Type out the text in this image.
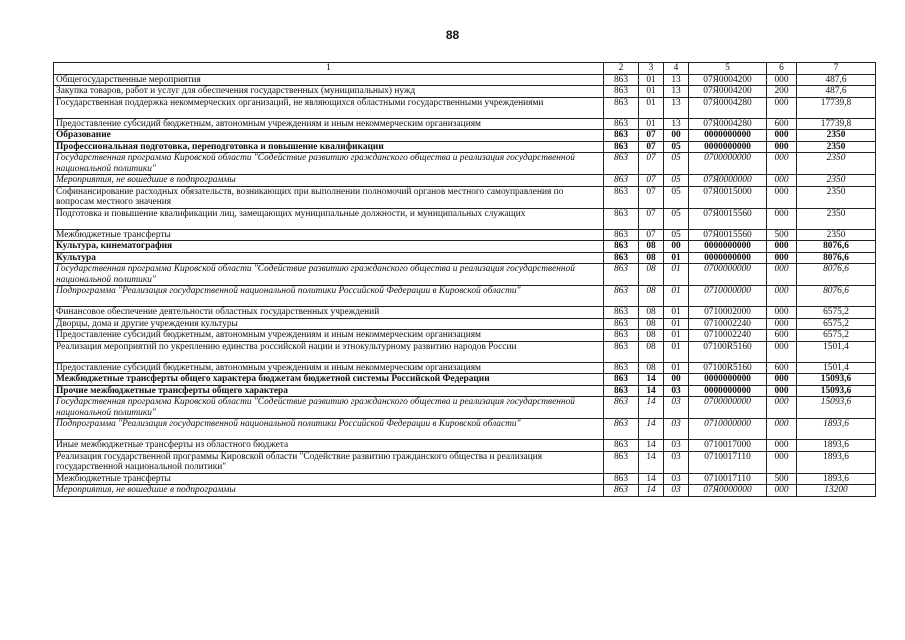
88
1	2	3	4	5	6	7
Общегосударственные мероприятия	863	01	13	07Я0004200	000	487,6
Закупка товаров, работ и услуг для обеспечения государственных (муниципальных) нужд	863	01	13	07Я0004200	200	487,6
Государственная поддержка некоммерческих организаций, не являющихся областными государственными учреждениями	863	01	13	07Я0004280	000	17739,8
Предоставление субсидий бюджетным, автономным учреждениям и иным некоммерческим организациям	863	01	13	07Я0004280	600	17739,8
Образование	863	07	00	0000000000	000	2350
Профессиональная подготовка, переподготовка и повышение квалификации	863	07	05	0000000000	000	2350
Государственная программа Кировской области "Содействие развитию гражданского общества и реализация государственной национальной политики"	863	07	05	0700000000	000	2350
Мероприятия, не вошедшие в подпрограммы	863	07	05	07Я0000000	000	2350
Софинансирование расходных обязательств, возникающих при выполнении полномочий органов местного самоуправления по вопросам местного значения	863	07	05	07Я0015000	000	2350
Подготовка и повышение квалификации лиц, замещающих муниципальные должности, и муниципальных служащих	863	07	05	07Я0015560	000	2350
Межбюджетные трансферты	863	07	05	07Я0015560	500	2350
Культура, кинематография	863	08	00	0000000000	000	8076,6
Культура	863	08	01	0000000000	000	8076,6
Государственная программа Кировской области "Содействие развитию гражданского общества и реализация государственной национальной политики"	863	08	01	0700000000	000	8076,6
Подпрограмма "Реализация государственной национальной политики Российской Федерации в Кировской области"	863	08	01	0710000000	000	8076,6
Финансовое обеспечение деятельности областных государственных учреждений	863	08	01	0710002000	000	6575,2
Дворцы, дома и другие учреждения культуры	863	08	01	0710002240	000	6575,2
Предоставление субсидий бюджетным, автономным учреждениям и иным некоммерческим организациям	863	08	01	0710002240	600	6575,2
Реализация мероприятий по укреплению единства российской нации и этнокультурному развитию народов России	863	08	01	07100R5160	000	1501,4
Предоставление субсидий бюджетным, автономным учреждениям и иным некоммерческим организациям	863	08	01	07100R5160	600	1501,4
Межбюджетные трансферты общего характера бюджетам бюджетной системы Российской Федерации	863	14	00	0000000000	000	15093,6
Прочие межбюджетные трансферты общего характера	863	14	03	0000000000	000	15093,6
Государственная программа Кировской области "Содействие развитию гражданского общества и реализация государственной национальной политики"	863	14	03	0700000000	000	15093,6
Подпрограмма "Реализация государственной национальной политики Российской Федерации в Кировской области"	863	14	03	0710000000	000	1893,6
Иные межбюджетные трансферты из областного бюджета	863	14	03	0710017000	000	1893,6
Реализация государственной программы Кировской области "Содействие развитию гражданского общества и реализация государственной национальной политики"	863	14	03	0710017110	000	1893,6
Межбюджетные трансферты	863	14	03	0710017110	500	1893,6
Мероприятия, не вошедшие в подпрограммы	863	14	03	07Я0000000	000	13200
